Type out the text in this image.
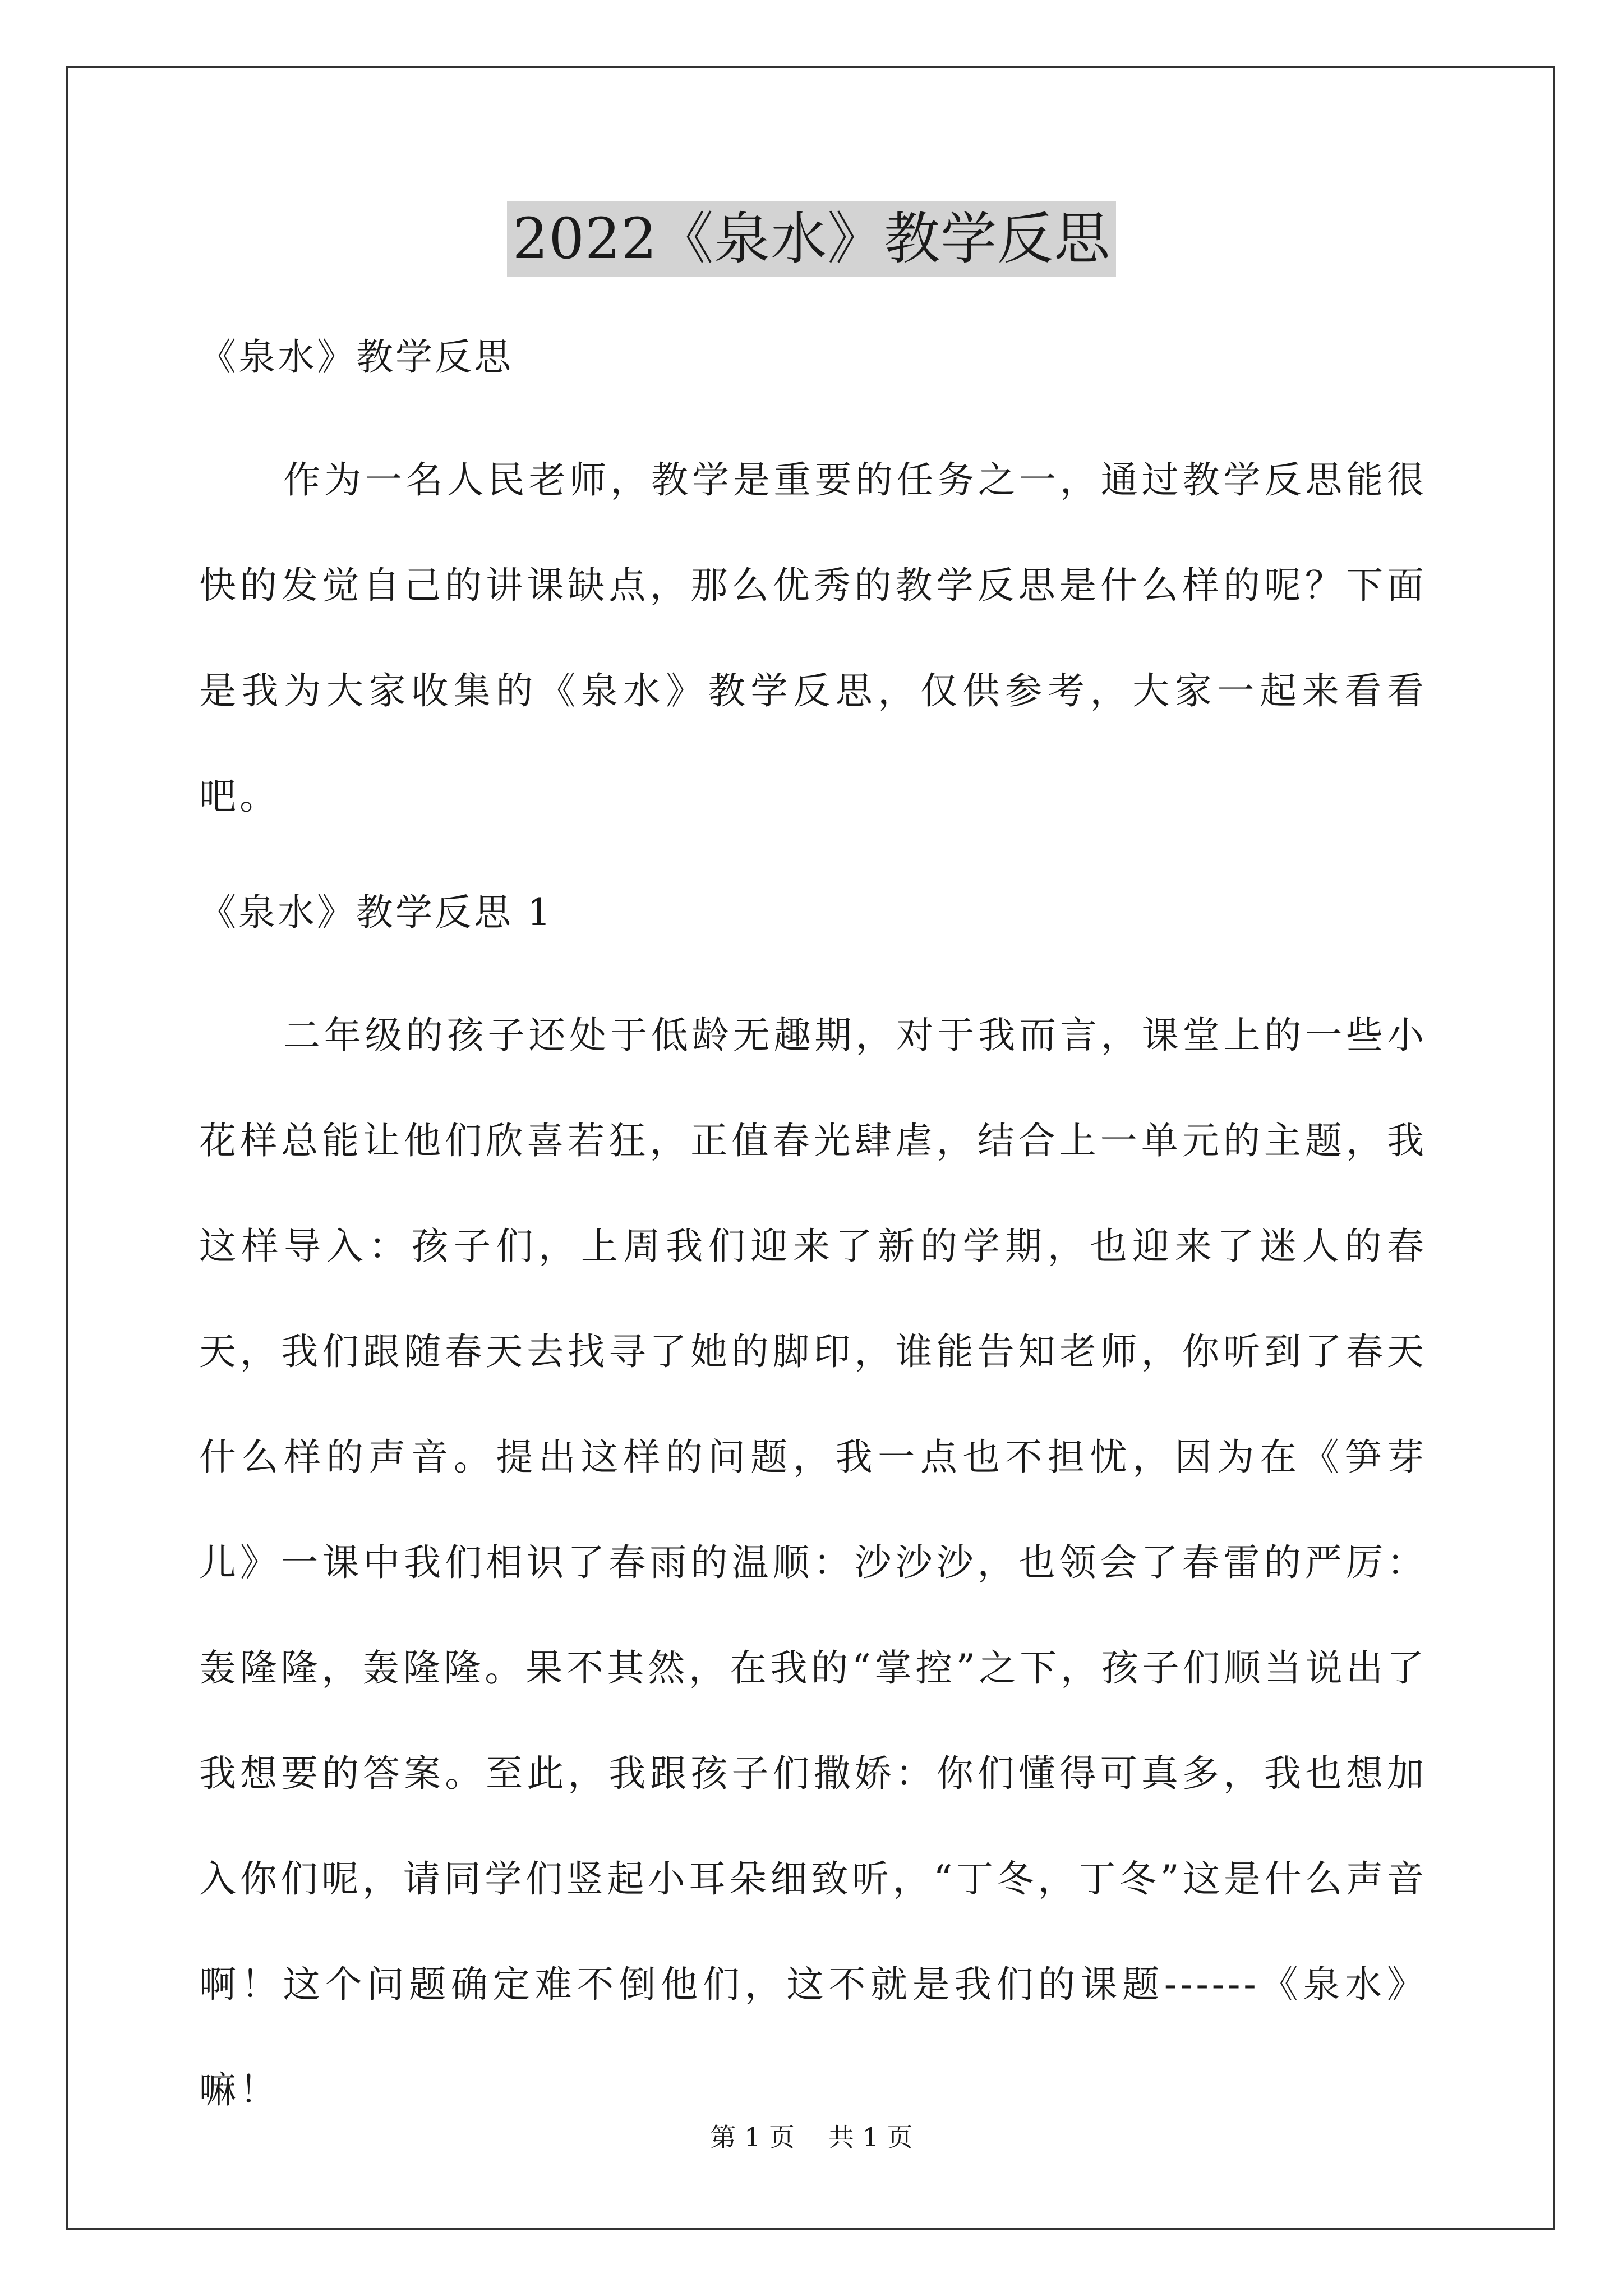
2022《泉水》教学反思

《泉水》教学反思

作为一名人民老师，教学是重要的任务之一，通过教学反思能很快的发觉自己的讲课缺点，那么优秀的教学反思是什么样的呢？下面是我为大家收集的《泉水》教学反思，仅供参考，大家一起来看看吧。

《泉水》教学反思 1

二年级的孩子还处于低龄无趣期，对于我而言，课堂上的一些小花样总能让他们欣喜若狂，正值春光肆虐，结合上一单元的主题，我这样导入：孩子们，上周我们迎来了新的学期，也迎来了迷人的春天，我们跟随春天去找寻了她的脚印，谁能告知老师，你听到了春天什么样的声音。提出这样的问题，我一点也不担忧，因为在《笋芽儿》一课中我们相识了春雨的温顺：沙沙沙，也领会了春雷的严厉：轰隆隆，轰隆隆。果不其然，在我的“掌控”之下，孩子们顺当说出了我想要的答案。至此，我跟孩子们撒娇：你们懂得可真多，我也想加入你们呢，请同学们竖起小耳朵细致听，“丁冬，丁冬”这是什么声音啊！这个问题确定难不倒他们，这不就是我们的课题------《泉水》嘛！

第 1 页 共 1 页
